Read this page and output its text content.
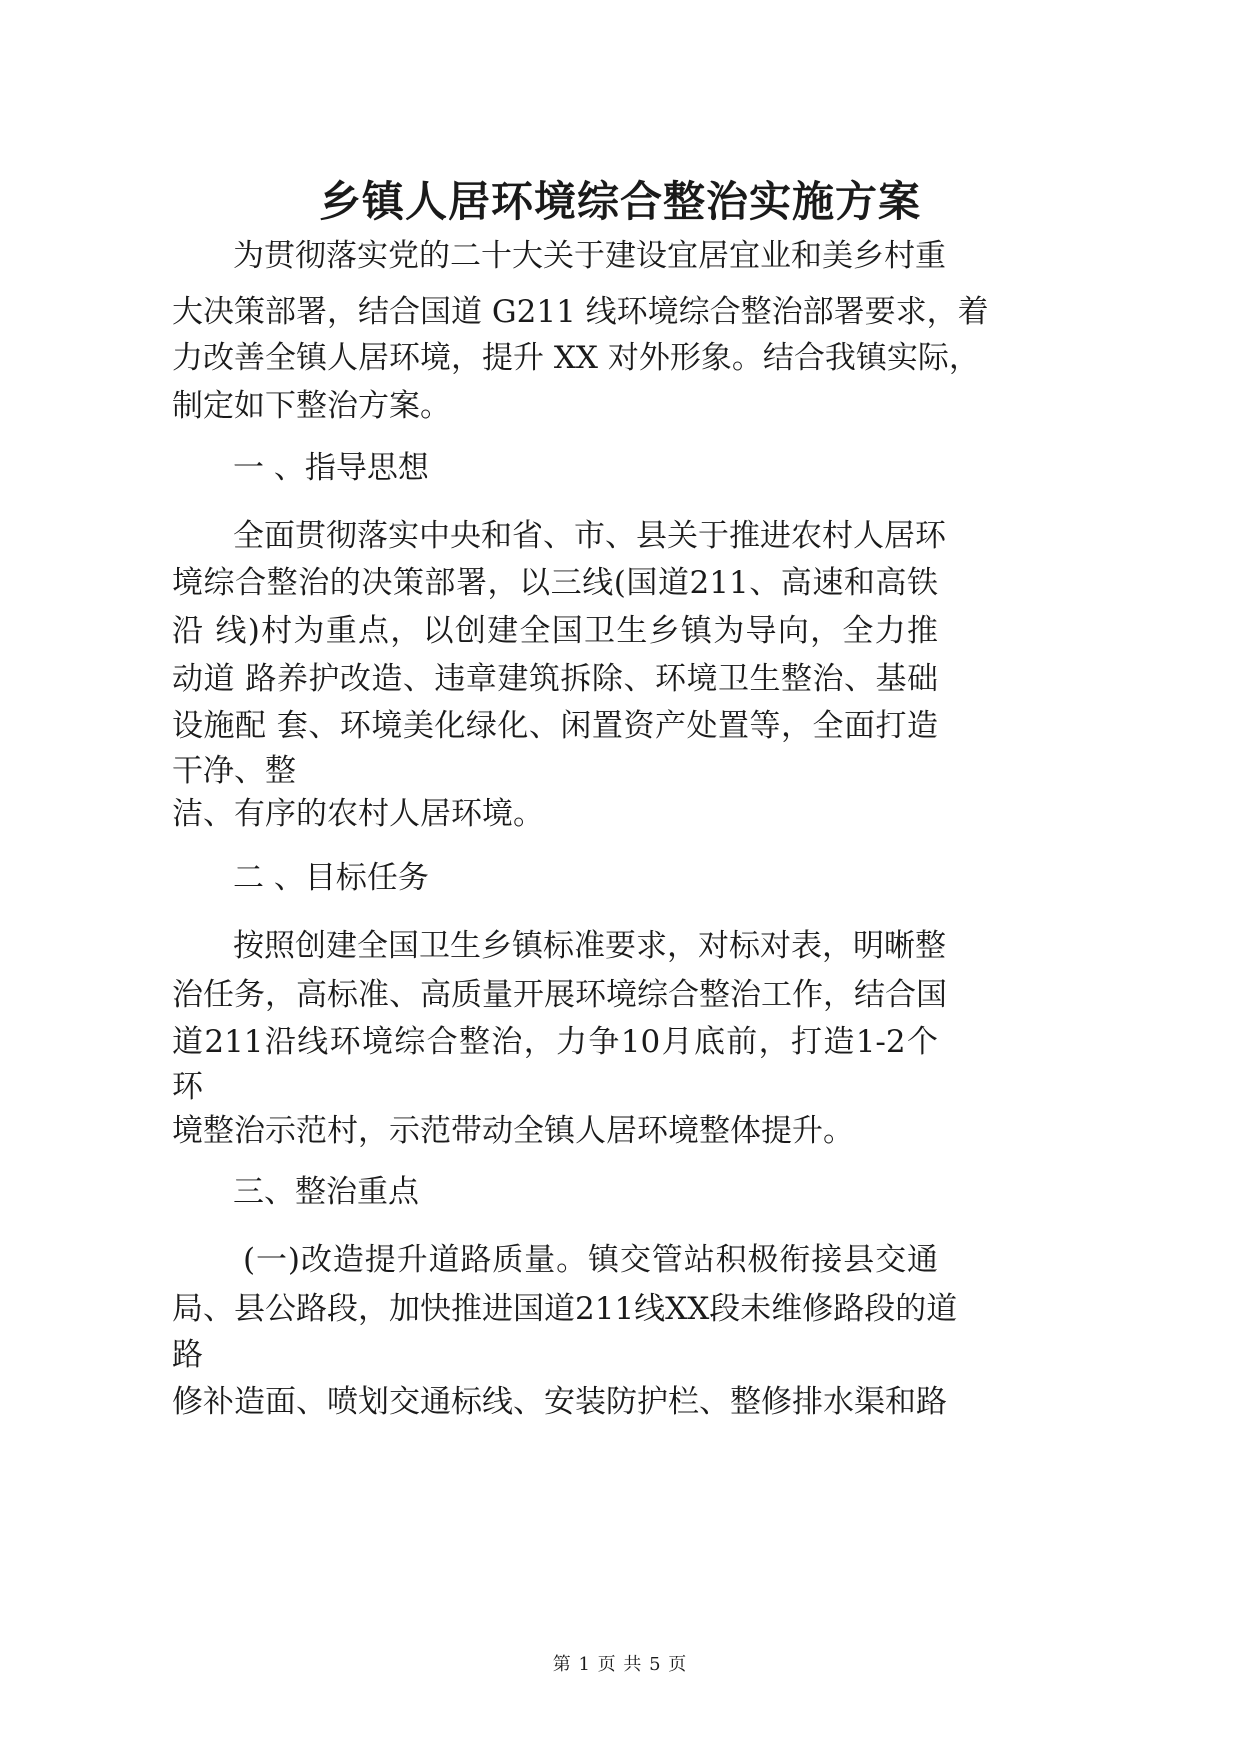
乡镇人居环境综合整治实施方案

为贯彻落实党的二十大关于建设宜居宜业和美乡村重

大决策部署，结合国道 G211 线环境综合整治部署要求，着

力改善全镇人居环境，提升 XX 对外形象。结合我镇实际，

制定如下整治方案。

一 、指导思想

全面贯彻落实中央和省、市、县关于推进农村人居环

境综合整治的决策部署，以三线(国道211、高速和高铁

沿 线)村为重点，以创建全国卫生乡镇为导向，全力推

动道 路养护改造、违章建筑拆除、环境卫生整治、基础

设施配 套、环境美化绿化、闲置资产处置等，全面打造

干净、整

洁、有序的农村人居环境。

二 、目标任务

按照创建全国卫生乡镇标准要求，对标对表，明晰整

治任务，高标准、高质量开展环境综合整治工作，结合国

道211沿线环境综合整治，力争10月底前，打造1-2个

环

境整治示范村，示范带动全镇人居环境整体提升。

三、整治重点

(一)改造提升道路质量。镇交管站积极衔接县交通

局、县公路段，加快推进国道211线XX段未维修路段的道

路

修补造面、喷划交通标线、安装防护栏、整修排水渠和路

第 1 页 共 5 页
